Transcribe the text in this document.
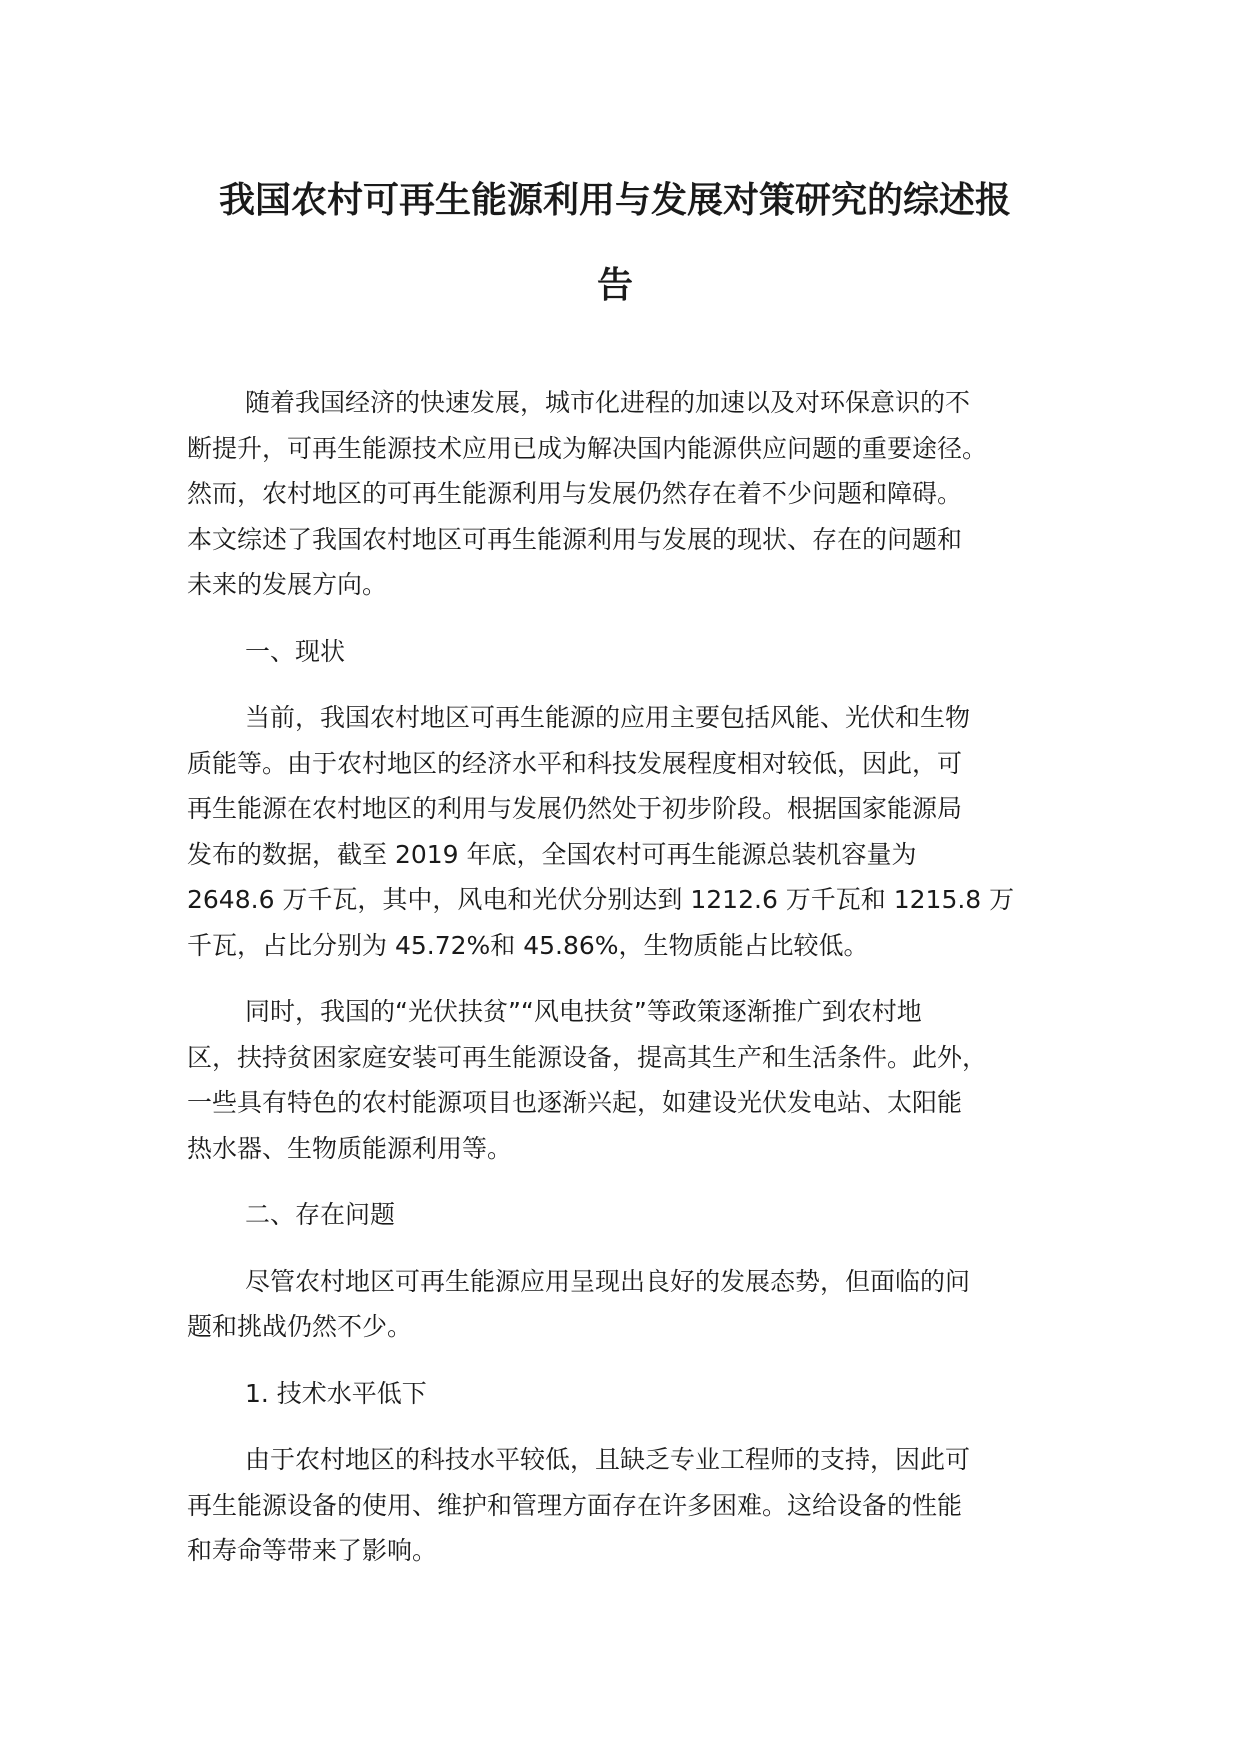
我国农村可再生能源利用与发展对策研究的综述报
告

随着我国经济的快速发展，城市化进程的加速以及对环保意识的不

断提升，可再生能源技术应用已成为解决国内能源供应问题的重要途径。

然而，农村地区的可再生能源利用与发展仍然存在着不少问题和障碍。

本文综述了我国农村地区可再生能源利用与发展的现状、存在的问题和

未来的发展方向。

一、现状

当前，我国农村地区可再生能源的应用主要包括风能、光伏和生物

质能等。由于农村地区的经济水平和科技发展程度相对较低，因此，可

再生能源在农村地区的利用与发展仍然处于初步阶段。根据国家能源局

发布的数据，截至 2019 年底，全国农村可再生能源总装机容量为

2648.6 万千瓦，其中，风电和光伏分别达到 1212.6 万千瓦和 1215.8 万

千瓦，占比分别为 45.72%和 45.86%，生物质能占比较低。

同时，我国的“光伏扶贫”“风电扶贫”等政策逐渐推广到农村地

区，扶持贫困家庭安装可再生能源设备，提高其生产和生活条件。此外，

一些具有特色的农村能源项目也逐渐兴起，如建设光伏发电站、太阳能

热水器、生物质能源利用等。

二、存在问题

尽管农村地区可再生能源应用呈现出良好的发展态势，但面临的问

题和挑战仍然不少。

1. 技术水平低下

由于农村地区的科技水平较低，且缺乏专业工程师的支持，因此可

再生能源设备的使用、维护和管理方面存在许多困难。这给设备的性能

和寿命等带来了影响。
